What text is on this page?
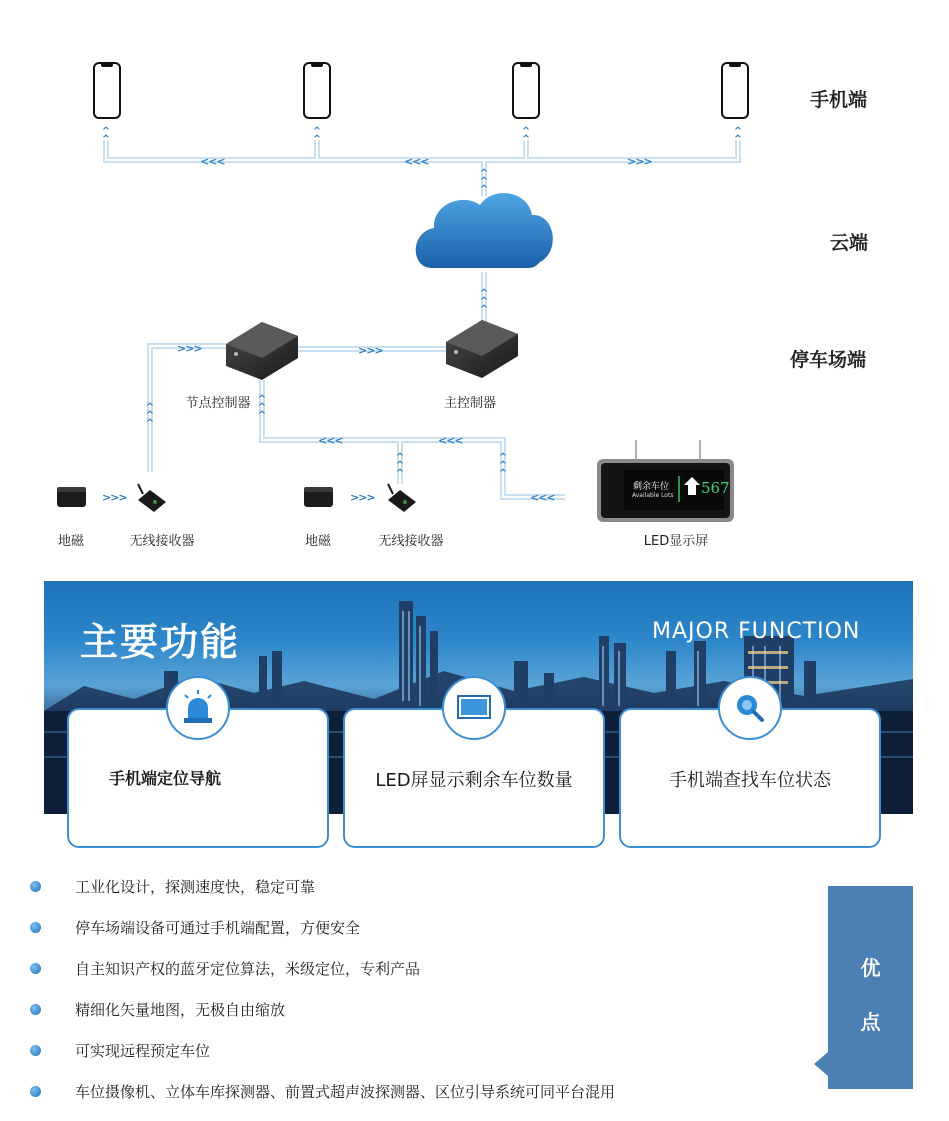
剩余车位
Available Lots 567
手机端
云端
停车场端
节点控制器	主控制器
地磁	无线接收器	地磁	无线接收器	LED显示屏
<<<	<<<	>>>
>>>	>>>
<<<	<<<
<<<
>>>	>>>
^
^
^
^
^
^
^
^
^
^
^
^
^
^
^
^
^
^
^
^
^
^
^
^
^
^
主要功能	MAJOR FUNCTION
手机端定位导航	LED屏显示剩余车位数量	手机端查找车位状态
工业化设计，探测速度快，稳定可靠
停车场端设备可通过手机端配置，方便安全
自主知识产权的蓝牙定位算法，米级定位，专利产品
精细化矢量地图，无极自由缩放
可实现远程预定车位
车位摄像机、立体车库探测器、前置式超声波探测器、区位引导系统可同平台混用
优
点
